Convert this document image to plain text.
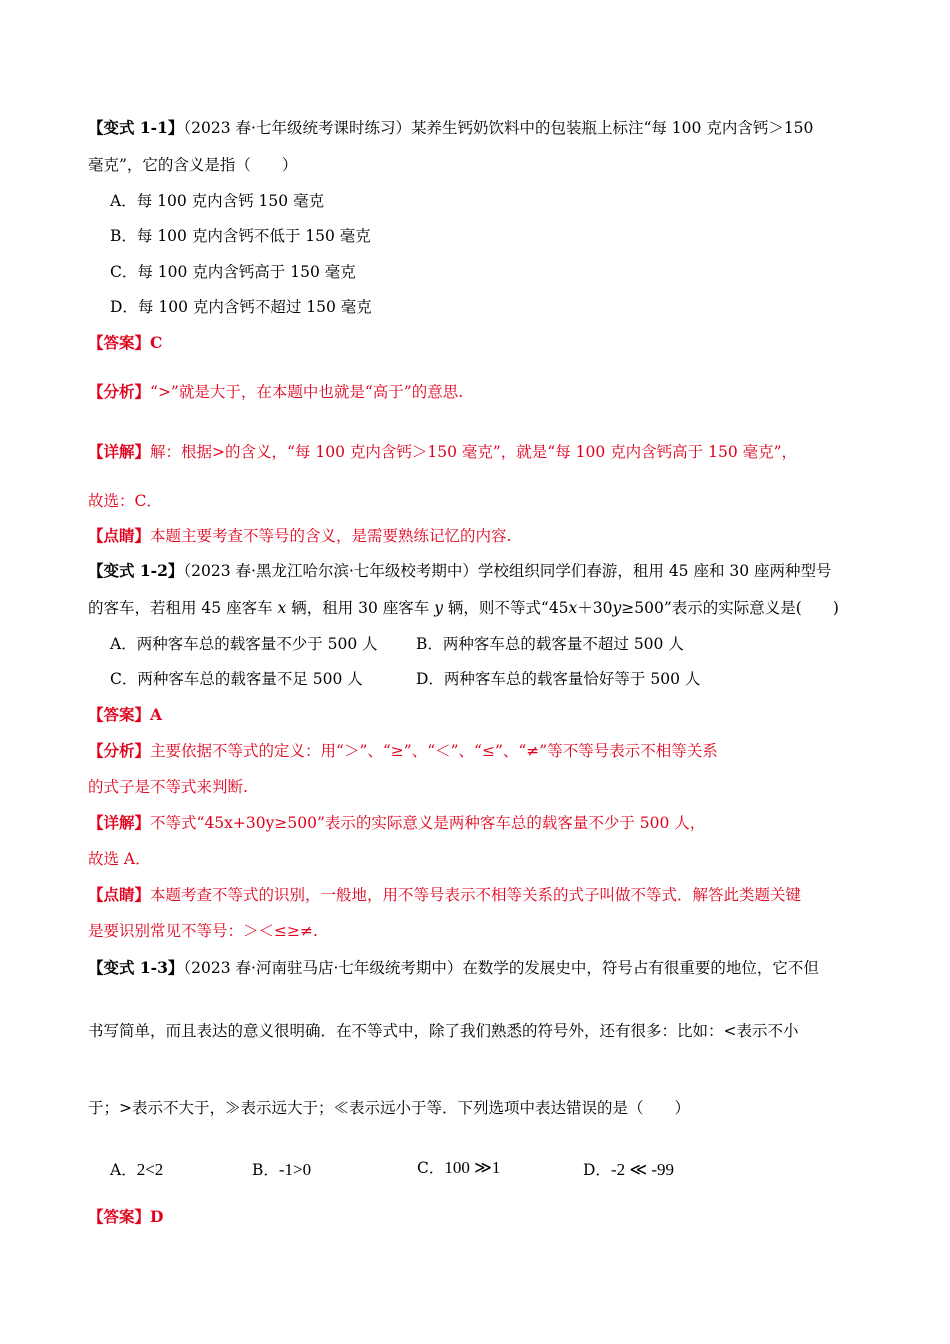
【变式 1-1】（2023 春·七年级统考课时练习）某养生钙奶饮料中的包装瓶上标注“每 100 克内含钙＞150
毫克”，它的含义是指（　　）
A．每 100 克内含钙 150 毫克
B．每 100 克内含钙不低于 150 毫克
C．每 100 克内含钙高于 150 毫克
D．每 100 克内含钙不超过 150 毫克
【答案】C
【分析】“>”就是大于，在本题中也就是“高于”的意思.
【详解】解：根据>的含义，“每 100 克内含钙＞150 毫克”，就是“每 100 克内含钙高于 150 毫克”，
故选：C．
【点睛】本题主要考查不等号的含义，是需要熟练记忆的内容.
【变式 1-2】（2023 春·黑龙江哈尔滨·七年级校考期中）学校组织同学们春游，租用 45 座和 30 座两种型号
的客车，若租用 45 座客车 x 辆，租用 30 座客车 y 辆，则不等式“45x＋30y≥500”表示的实际意义是(　　)
A．两种客车总的载客量不少于 500 人 B．两种客车总的载客量不超过 500 人
C．两种客车总的载客量不足 500 人	D．两种客车总的载客量恰好等于 500 人
【答案】A
【分析】主要依据不等式的定义：用“＞”、“≥”、“＜”、“≤”、“≠”等不等号表示不相等关系
的式子是不等式来判断.
【详解】不等式“45x+30y≥500”表示的实际意义是两种客车总的载客量不少于 500 人，
故选 A．
【点睛】本题考查不等式的识别，一般地，用不等号表示不相等关系的式子叫做不等式．解答此类题关键
是要识别常见不等号：＞＜≤≥≠.
【变式 1-3】（2023 春·河南驻马店·七年级统考期中）在数学的发展史中，符号占有很重要的地位，它不但
书写简单，而且表达的意义很明确．在不等式中，除了我们熟悉的符号外，还有很多：比如：<表示不小
于；>表示不大于，≫表示远大于；≪表示远小于等．下列选项中表达错误的是（　　）
A．2<2	B．-1>0	C．100 ≫1	D．-2 ≪ -99
【答案】D
